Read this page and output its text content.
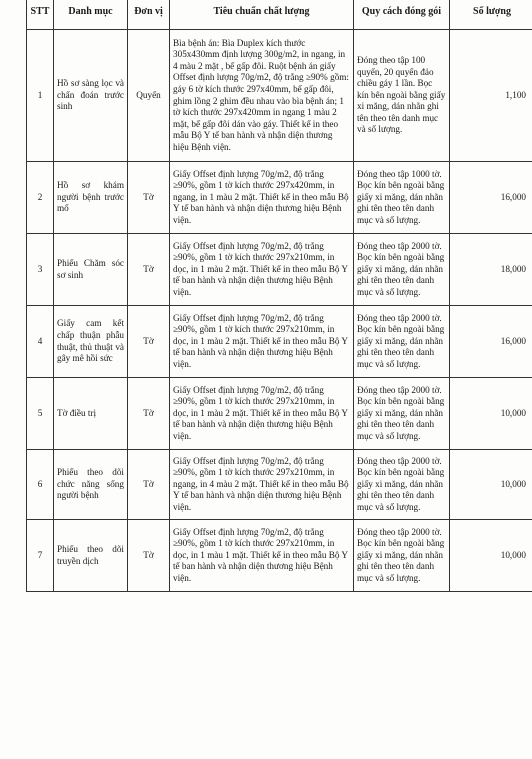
STT	Danh mục	Đơn vị	Tiêu chuẩn chất lượng	Quy cách đóng gói	Số lượng
1	Hồ sơ sàng lọc và chẩn đoán trước sinh	Quyển	Bìa bệnh án: Bìa Duplex kích thước 305x430mm định lượng 300g/m2, in ngang, in 4 màu 2 mặt , bế gấp đôi. Ruột bệnh án giấy Offset định lượng 70g/m2, độ trắng ≥90% gồm: gáy 6 tờ kích thước 297x40mm, bế gấp đôi, ghim lồng 2 ghim đều nhau vào bìa bệnh án; 1 tờ kích thước 297x420mm in ngang 1 màu 2 mặt, bế gấp đôi dán vào gáy. Thiết kế in theo mẫu Bộ Y tế ban hành và nhận diện thương hiệu Bệnh viện.	Đóng theo tập 100 quyển, 20 quyển đảo chiều gáy 1 lần. Bọc kín bên ngoài bằng giấy xi măng, dán nhãn ghi tên theo tên danh mục và số lượng.	1,100
2	Hồ sơ khám người bệnh trước mổ	Tờ	Giấy Offset định lượng 70g/m2, độ trắng ≥90%, gồm 1 tờ kích thước 297x420mm, in ngang, in 1 màu 2 mặt. Thiết kế in theo mẫu Bộ Y tế ban hành và nhận diện thương hiệu Bệnh viện.	Đóng theo tập 1000 tờ. Bọc kín bên ngoài bằng giấy xi măng, dán nhãn ghi tên theo tên danh mục và số lượng.	16,000
3	Phiếu Chăm sóc sơ sinh	Tờ	Giấy Offset định lượng 70g/m2, độ trắng ≥90%, gồm 1 tờ kích thước 297x210mm, in dọc, in 1 màu 2 mặt. Thiết kế in theo mẫu Bộ Y tế ban hành và nhận diện thương hiệu Bệnh viện.	Đóng theo tập 2000 tờ. Bọc kín bên ngoài bằng giấy xi măng, dán nhãn ghi tên theo tên danh mục và số lượng.	18,000
4	Giấy cam kết chấp thuận phẫu thuật, thủ thuật và gây mê hồi sức	Tờ	Giấy Offset định lượng 70g/m2, độ trắng ≥90%, gồm 1 tờ kích thước 297x210mm, in dọc, in 1 màu 2 mặt. Thiết kế in theo mẫu Bộ Y tế ban hành và nhận diện thương hiệu Bệnh viện.	Đóng theo tập 2000 tờ. Bọc kín bên ngoài bằng giấy xi măng, dán nhãn ghi tên theo tên danh mục và số lượng.	16,000
5	Tờ điều trị	Tờ	Giấy Offset định lượng 70g/m2, độ trắng ≥90%, gồm 1 tờ kích thước 297x210mm, in dọc, in 1 màu 2 mặt. Thiết kế in theo mẫu Bộ Y tế ban hành và nhận diện thương hiệu Bệnh viện.	Đóng theo tập 2000 tờ. Bọc kín bên ngoài bằng giấy xi măng, dán nhãn ghi tên theo tên danh mục và số lượng.	10,000
6	Phiếu theo dõi chức năng sống người bệnh	Tờ	Giấy Offset định lượng 70g/m2, độ trắng ≥90%, gồm 1 tờ kích thước 297x210mm, in ngang, in 4 màu 2 mặt. Thiết kế in theo mẫu Bộ Y tế ban hành và nhận diện thương hiệu Bệnh viện.	Đóng theo tập 2000 tờ. Bọc kín bên ngoài bằng giấy xi măng, dán nhãn ghi tên theo tên danh mục và số lượng.	10,000
7	Phiếu theo dõi truyền dịch	Tờ	Giấy Offset định lượng 70g/m2, độ trắng ≥90%, gồm 1 tờ kích thước 297x210mm, in dọc, in 1 màu 1 mặt. Thiết kế in theo mẫu Bộ Y tế ban hành và nhận diện thương hiệu Bệnh viện.	Đóng theo tập 2000 tờ. Bọc kín bên ngoài bằng giấy xi măng, dán nhãn ghi tên theo tên danh mục và số lượng.	10,000
